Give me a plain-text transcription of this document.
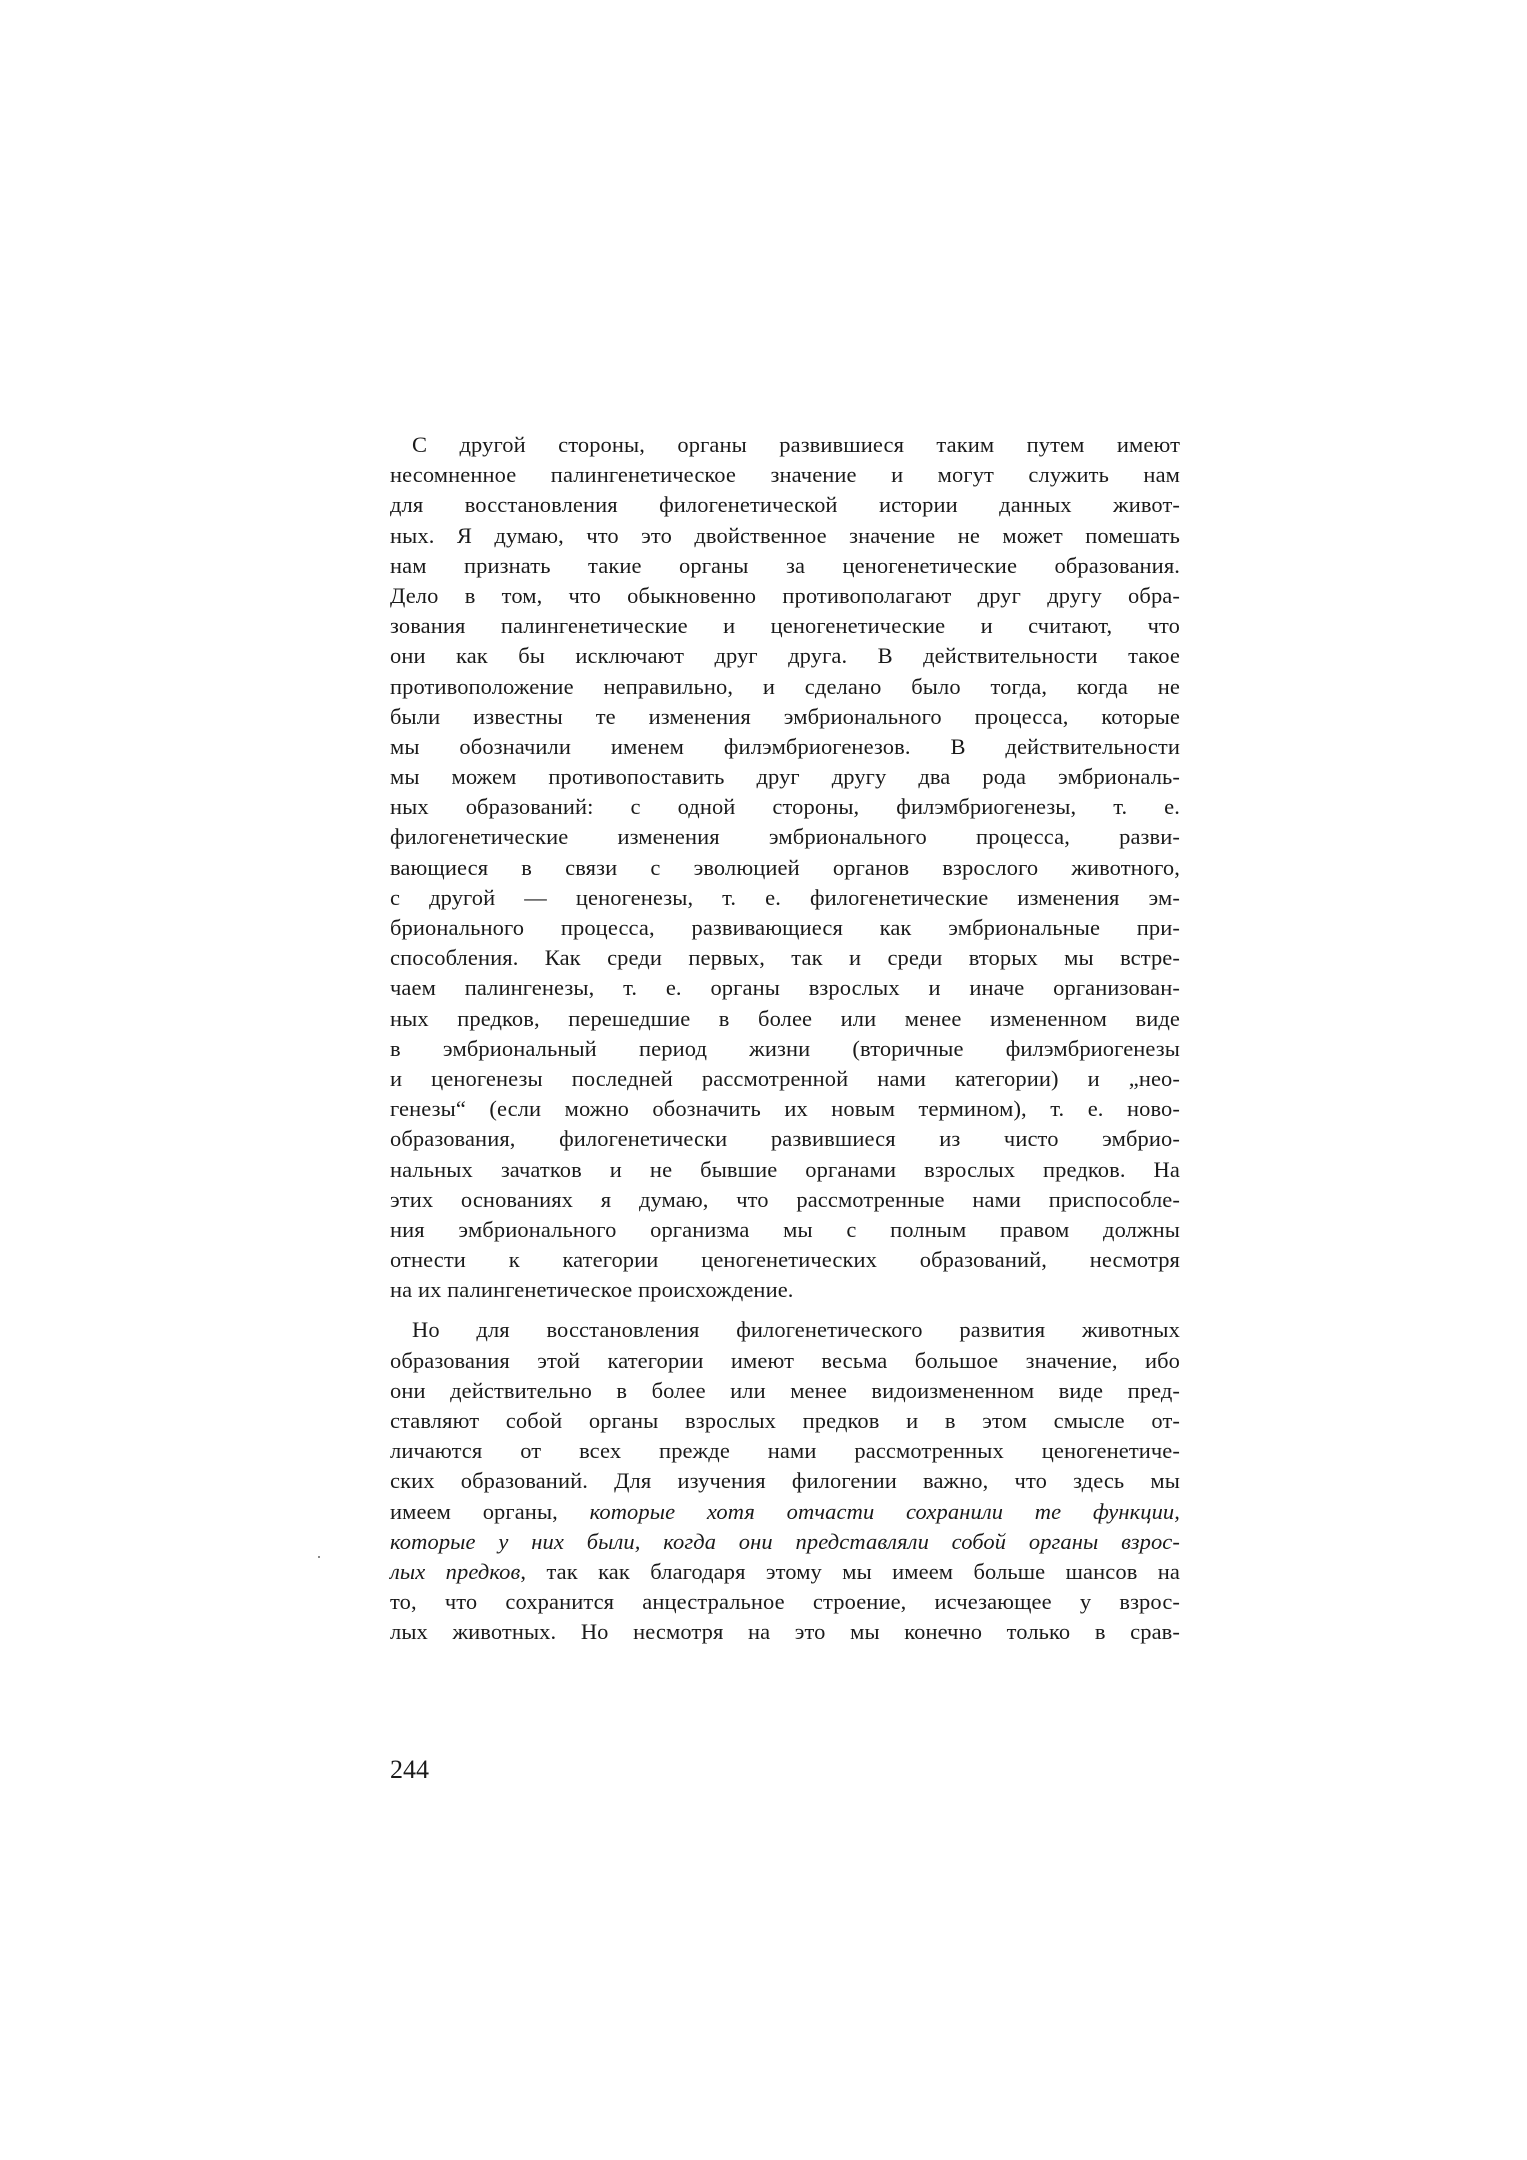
С другой стороны, органы развившиеся таким путем имеют
несомненное палингенетическое значение и могут служить нам
для восстановления филогенетической истории данных живот-
ных. Я думаю, что это двойственное значение не может помешать
нам признать такие органы за ценогенетические образования.
Дело в том, что обыкновенно противополагают друг другу обра-
зования палингенетические и ценогенетические и считают, что
они как бы исключают друг друга. В действительности такое
противоположение неправильно, и сделано было тогда, когда не
были известны те изменения эмбрионального процесса, которые
мы обозначили именем филэмбриогенезов. В действительности
мы можем противопоставить друг другу два рода эмбриональ-
ных образований: с одной стороны, филэмбриогенезы, т. е.
филогенетические изменения эмбрионального процесса, разви-
вающиеся в связи с эволюцией органов взрослого животного,
с другой — ценогенезы, т. е. филогенетические изменения эм-
брионального процесса, развивающиеся как эмбриональные при-
способления. Как среди первых, так и среди вторых мы встре-
чаем палингенезы, т. е. органы взрослых и иначе организован-
ных предков, перешедшие в более или менее измененном виде
в эмбриональный период жизни (вторичные филэмбриогенезы
и ценогенезы последней рассмотренной нами категории) и „нео-
генезы“ (если можно обозначить их новым термином), т. е. ново-
образования, филогенетически развившиеся из чисто эмбрио-
нальных зачатков и не бывшие органами взрослых предков. На
этих основаниях я думаю, что рассмотренные нами приспособле-
ния эмбрионального организма мы с полным правом должны
отнести к категории ценогенетических образований, несмотря
на их палингенетическое происхождение.
Но для восстановления филогенетического развития животных
образования этой категории имеют весьма большое значение, ибо
они действительно в более или менее видоизмененном виде пред-
ставляют собой органы взрослых предков и в этом смысле от-
личаются от всех прежде нами рассмотренных ценогенетиче-
ских образований. Для изучения филогении важно, что здесь мы
имеем органы, которые хотя отчасти сохранили те функции,
которые у них были, когда они представляли собой органы взрос-
лых предков, так как благодаря этому мы имеем больше шансов на
то, что сохранится анцестральное строение, исчезающее у взрос-
лых животных. Но несмотря на это мы конечно только в срав-
244
